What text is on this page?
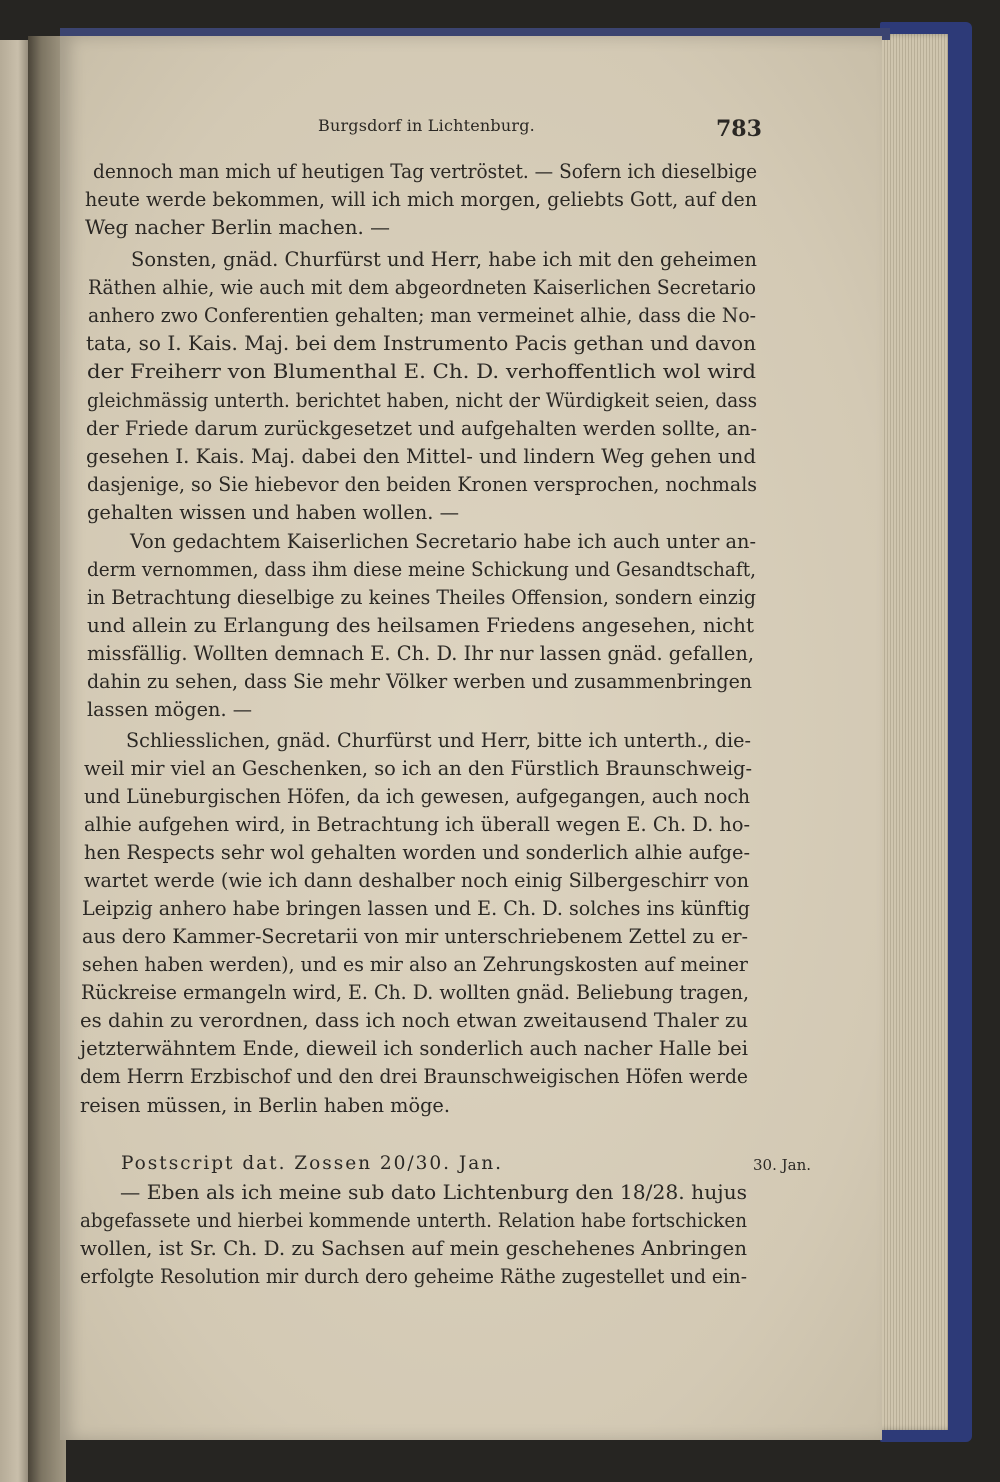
Burgsdorf in Lichtenburg.	783
30. Jan.
dennoch man mich uf heutigen Tag vertröstet. — Sofern ich dieselbige
heute werde bekommen, will ich mich morgen, geliebts Gott, auf den
Weg nacher Berlin machen. —
Sonsten, gnäd. Churfürst und Herr, habe ich mit den geheimen
Räthen alhie, wie auch mit dem abgeordneten Kaiserlichen Secretario
anhero zwo Conferentien gehalten; man vermeinet alhie, dass die No-
tata, so I. Kais. Maj. bei dem Instrumento Pacis gethan und davon
der Freiherr von Blumenthal E. Ch. D. verhoffentlich wol wird
gleichmässig unterth. berichtet haben, nicht der Würdigkeit seien, dass
der Friede darum zurückgesetzet und aufgehalten werden sollte, an-
gesehen I. Kais. Maj. dabei den Mittel- und lindern Weg gehen und
dasjenige, so Sie hiebevor den beiden Kronen versprochen, nochmals
gehalten wissen und haben wollen. —
Von gedachtem Kaiserlichen Secretario habe ich auch unter an-
derm vernommen, dass ihm diese meine Schickung und Gesandtschaft,
in Betrachtung dieselbige zu keines Theiles Offension, sondern einzig
und allein zu Erlangung des heilsamen Friedens angesehen, nicht
missfällig. Wollten demnach E. Ch. D. Ihr nur lassen gnäd. gefallen,
dahin zu sehen, dass Sie mehr Völker werben und zusammenbringen
lassen mögen. —
Schliesslichen, gnäd. Churfürst und Herr, bitte ich unterth., die-
weil mir viel an Geschenken, so ich an den Fürstlich Braunschweig-
und Lüneburgischen Höfen, da ich gewesen, aufgegangen, auch noch
alhie aufgehen wird, in Betrachtung ich überall wegen E. Ch. D. ho-
hen Respects sehr wol gehalten worden und sonderlich alhie aufge-
wartet werde (wie ich dann deshalber noch einig Silbergeschirr von
Leipzig anhero habe bringen lassen und E. Ch. D. solches ins künftig
aus dero Kammer-Secretarii von mir unterschriebenem Zettel zu er-
sehen haben werden), und es mir also an Zehrungskosten auf meiner
Rückreise ermangeln wird, E. Ch. D. wollten gnäd. Beliebung tragen,
es dahin zu verordnen, dass ich noch etwan zweitausend Thaler zu
jetzterwähntem Ende, dieweil ich sonderlich auch nacher Halle bei
dem Herrn Erzbischof und den drei Braunschweigischen Höfen werde
reisen müssen, in Berlin haben möge.
Postscript dat. Zossen 20/30. Jan.
— Eben als ich meine sub dato Lichtenburg den 18/28. hujus
abgefassete und hierbei kommende unterth. Relation habe fortschicken
wollen, ist Sr. Ch. D. zu Sachsen auf mein geschehenes Anbringen
erfolgte Resolution mir durch dero geheime Räthe zugestellet und ein-
